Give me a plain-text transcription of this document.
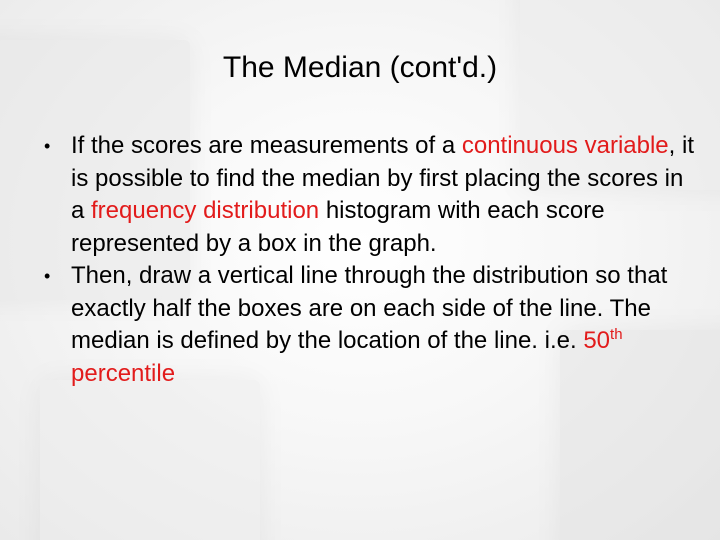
The Median (cont'd.)
• If the scores are measurements of a continuous variable, it is possible to find the median by first placing the scores in a frequency distribution histogram with each score represented by a box in the graph.
• Then, draw a vertical line through the distribution so that exactly half the boxes are on each side of the line. The median is defined by the location of the line. i.e. 50th percentile
